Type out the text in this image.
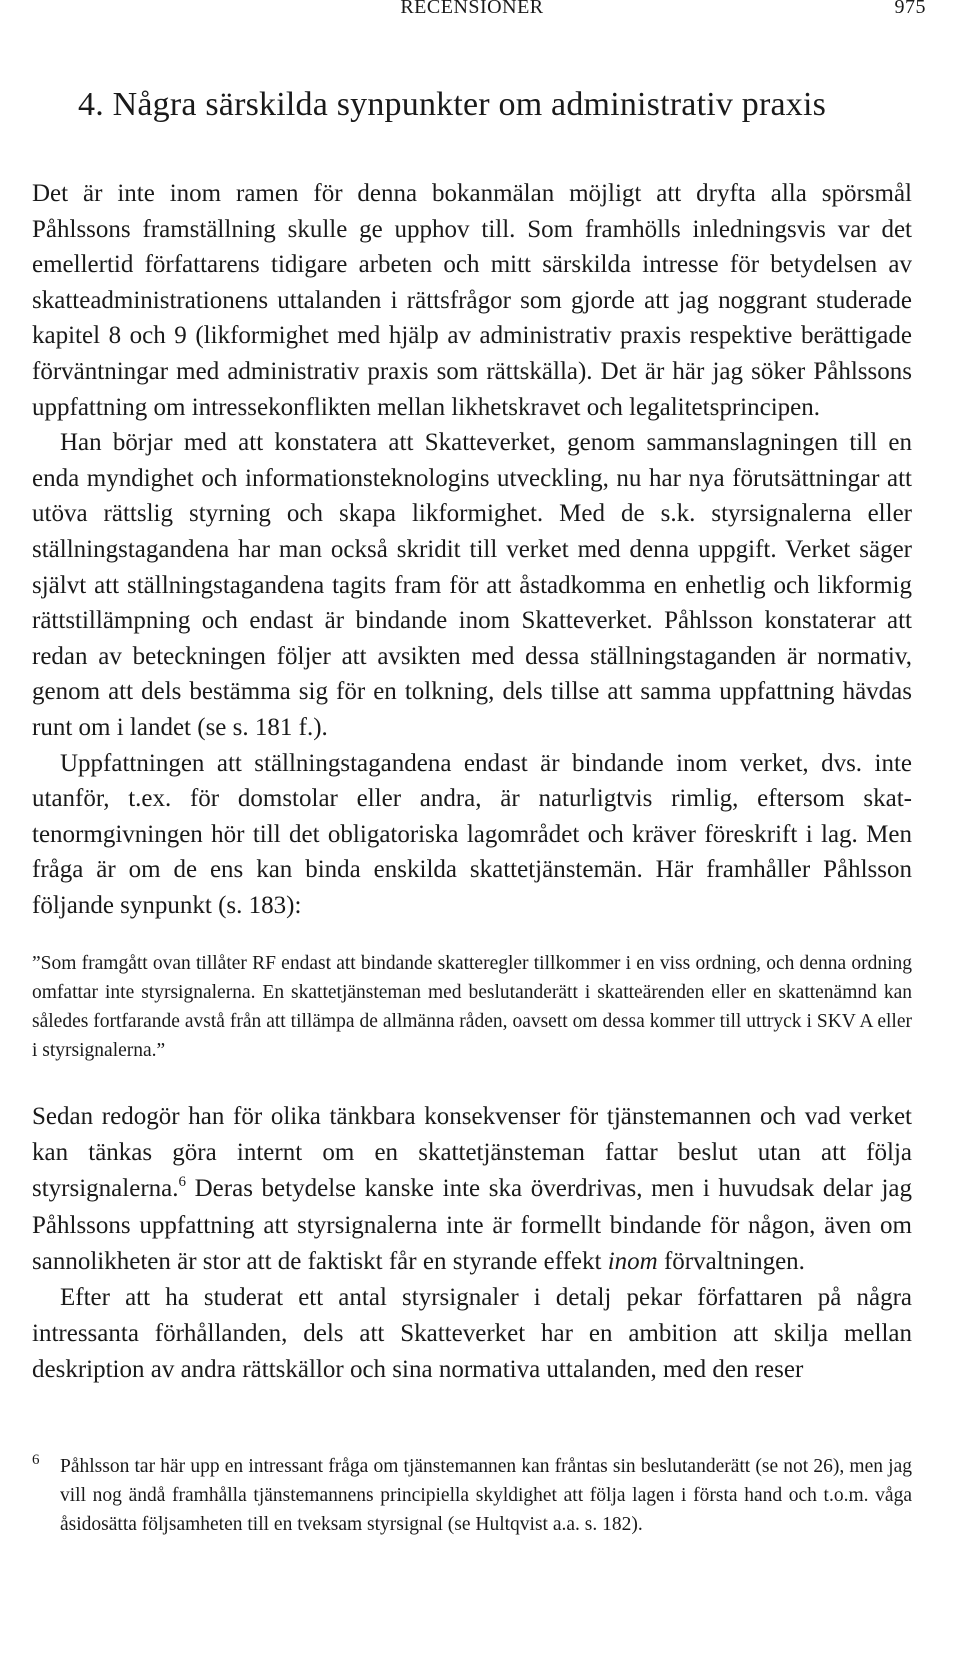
RECENSIONER	975
4. Några särskilda synpunkter om administrativ praxis

Det är inte inom ramen för denna bokanmälan möjligt att dryfta alla spörsmål Påhlssons framställning skulle ge upphov till. Som framhölls inledningsvis var det emellertid författarens tidigare arbeten och mitt särskilda intresse för betydelsen av skatteadministrationens uttalanden i rättsfrågor som gjorde att jag noggrant studerade kapitel 8 och 9 (likformighet med hjälp av administrativ praxis respektive berättigade förväntningar med administrativ praxis som rättskälla). Det är här jag söker Påhlssons uppfattning om intressekonflikten mellan likhetskravet och legalitetsprincipen.

Han börjar med att konstatera att Skatteverket, genom sammanslagningen till en enda myndighet och informationsteknologins utveckling, nu har nya förutsättningar att utöva rättslig styrning och skapa likformighet. Med de s.k. styrsignalerna eller ställningstagandena har man också skridit till verket med denna uppgift. Verket säger självt att ställningstagandena tagits fram för att åstadkomma en enhetlig och likformig rättstillämpning och endast är bindande inom Skatteverket. Påhlsson konstaterar att redan av beteckningen följer att avsikten med dessa ställningstaganden är normativ, genom att dels bestämma sig för en tolkning, dels tillse att samma uppfattning hävdas runt om i landet (se s. 181 f.).

Uppfattningen att ställningstagandena endast är bindande inom verket, dvs. inte utanför, t.ex. för domstolar eller andra, är naturligtvis rimlig, eftersom skattenormgivningen hör till det obligatoriska lagområdet och kräver föreskrift i lag. Men fråga är om de ens kan binda enskilda skattetjänstemän. Här framhåller Påhlsson följande synpunkt (s. 183):

”Som framgått ovan tillåter RF endast att bindande skatteregler tillkommer i en viss ordning, och denna ordning omfattar inte styrsignalerna. En skattetjänsteman med beslutanderätt i skatteärenden eller en skattenämnd kan således fortfarande avstå från att tillämpa de allmänna råden, oavsett om dessa kommer till uttryck i SKV A eller i styrsignalerna.”

Sedan redogör han för olika tänkbara konsekvenser för tjänstemannen och vad verket kan tänkas göra internt om en skattetjänsteman fattar beslut utan att följa styrsignalerna.$^6$ Deras betydelse kanske inte ska överdrivas, men i huvudsak delar jag Påhlssons uppfattning att styrsignalerna inte är formellt bindande för någon, även om sannolikheten är stor att de faktiskt får en styrande effekt inom förvaltningen.

Efter att ha studerat ett antal styrsignaler i detalj pekar författaren på några intressanta förhållanden, dels att Skatteverket har en ambition att skilja mellan deskription av andra rättskällor och sina normativa uttalanden, med den reser

6	Påhlsson tar här upp en intressant fråga om tjänstemannen kan fråntas sin beslutanderätt (se not 26), men jag vill nog ändå framhålla tjänstemannens principiella skyldighet att följa lagen i första hand och t.o.m. våga åsidosätta följsamheten till en tveksam styrsignal (se Hultqvist a.a. s. 182).
